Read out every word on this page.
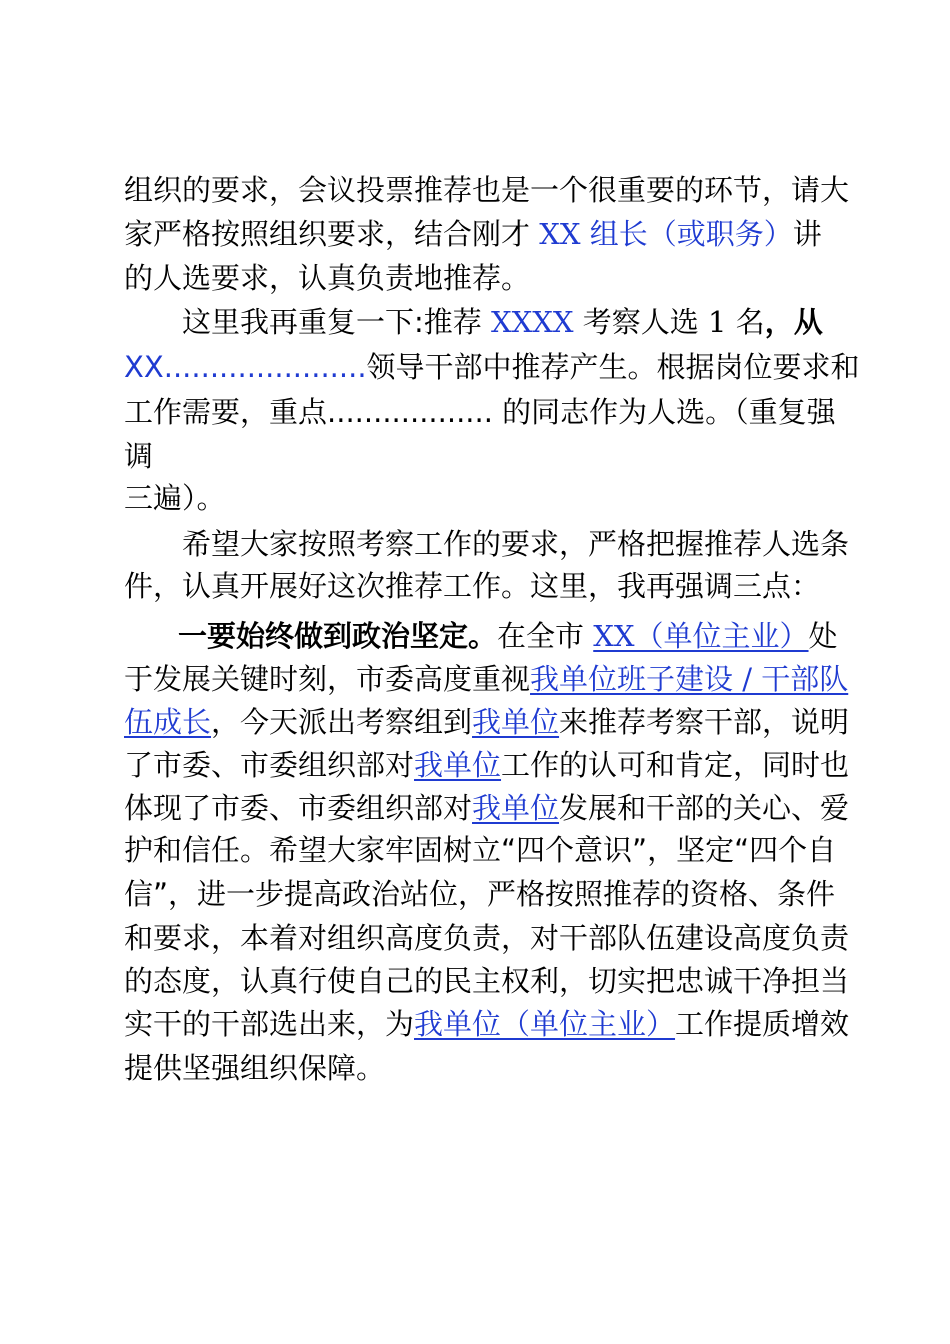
组织的要求，会议投票推荐也是一个很重要的环节，请大
家严格按照组织要求，结合刚才 XX 组长（或职务）讲
的人选要求，认真负责地推荐。
这里我再重复一下:推荐 XXXX 考察人选 1 名，从
XX......................领导干部中推荐产生。根据岗位要求和
工作需要，重点.................. 的同志作为人选。（重复强
调
三遍）。
希望大家按照考察工作的要求，严格把握推荐人选条
件，认真开展好这次推荐工作。这里，我再强调三点：
一要始终做到政治坚定。在全市 XX（单位主业）处
于发展关键时刻，市委高度重视我单位班子建设 / 干部队
伍成长，今天派出考察组到我单位来推荐考察干部，说明
了市委、市委组织部对我单位工作的认可和肯定，同时也
体现了市委、市委组织部对我单位发展和干部的关心、爱
护和信任。希望大家牢固树立“四个意识”，坚定“四个自
信”，进一步提高政治站位，严格按照推荐的资格、条件
和要求，本着对组织高度负责，对干部队伍建设高度负责
的态度，认真行使自己的民主权利，切实把忠诚干净担当
实干的干部选出来，为我单位（单位主业）工作提质增效
提供坚强组织保障。
